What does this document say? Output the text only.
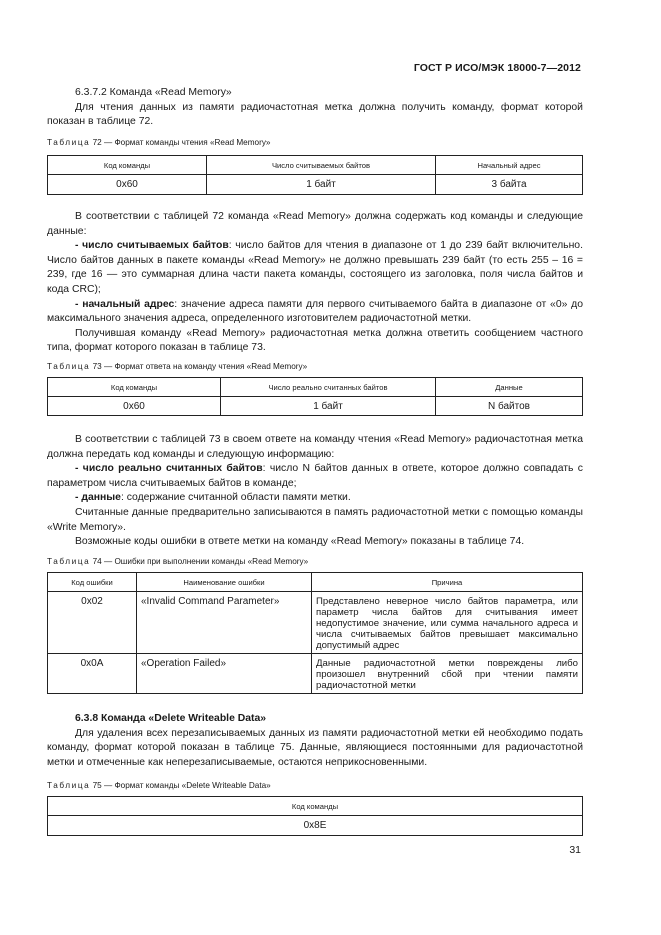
ГОСТ Р ИСО/МЭК 18000-7—2012
6.3.7.2 Команда «Read Memory»
Для чтения данных из памяти радиочастотная метка должна получить команду, формат которой показан в таблице 72.
Таблица 72 — Формат команды чтения «Read Memory»
Код команды	Число считываемых байтов	Начальный адрес
0x60	1 байт	3 байта
В соответствии с таблицей 72 команда «Read Memory» должна содержать код команды и следующие данные:
- число считываемых байтов: число байтов для чтения в диапазоне от 1 до 239 байт включительно. Число байтов данных в пакете команды «Read Memory» не должно превышать 239 байт (то есть 255 – 16 = 239, где 16 — это суммарная длина части пакета команды, состоящего из заголовка, поля числа байтов и кода CRC);
- начальный адрес: значение адреса памяти для первого считываемого байта в диапазоне от «0» до максимального значения адреса, определенного изготовителем радиочастотной метки.
Получившая команду «Read Memory» радиочастотная метка должна ответить сообщением частного типа, формат которого показан в таблице 73.
Таблица 73 — Формат ответа на команду чтения «Read Memory»
Код команды	Число реально считанных байтов	Данные
0x60	1 байт	N байтов
В соответствии с таблицей 73 в своем ответе на команду чтения «Read Memory» радиочастотная метка должна передать код команды и следующую информацию:
- число реально считанных байтов: число N байтов данных в ответе, которое должно совпадать с параметром числа считываемых байтов в команде;
- данные: содержание считанной области памяти метки.
Считанные данные предварительно записываются в память радиочастотной метки с помощью команды «Write Memory».
Возможные коды ошибки в ответе метки на команду «Read Memory» показаны в таблице 74.
Таблица 74 — Ошибки при выполнении команды «Read Memory»
Код ошибки	Наименование ошибки	Причина
0x02	«Invalid Command Parameter»	Представлено неверное число байтов параметра, или параметр числа байтов для считывания имеет недопустимое значение, или сумма начального адреса и числа считываемых байтов превышает максимально допустимый адрес
0x0A	«Operation Failed»	Данные радиочастотной метки повреждены либо произошел внутренний сбой при чтении памяти радиочастотной метки
6.3.8 Команда «Delete Writeable Data»
Для удаления всех перезаписываемых данных из памяти радиочастотной метки ей необходимо подать команду, формат которой показан в таблице 75. Данные, являющиеся постоянными для радиочастотной метки и отмеченные как неперезаписываемые, остаются неприкосновенными.
Таблица 75 — Формат команды «Delete Writeable Data»
Код команды
0x8E
31
